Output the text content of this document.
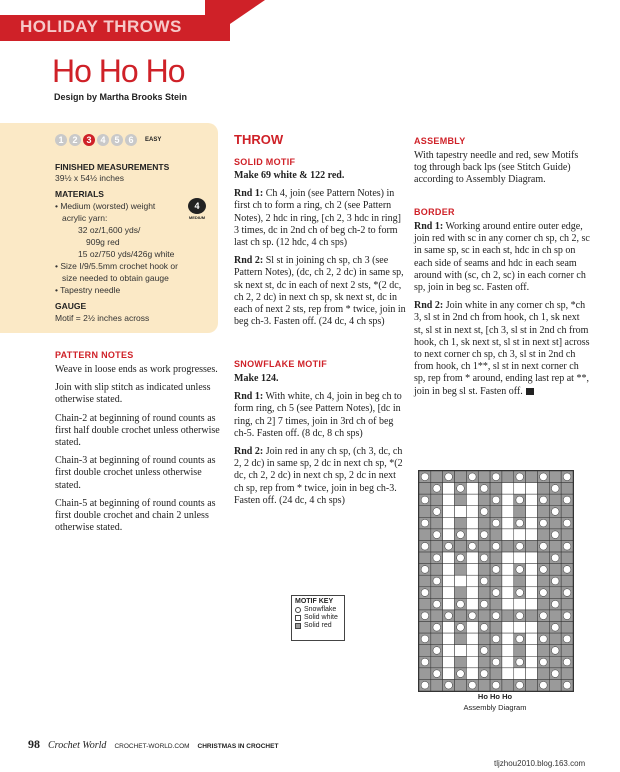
HOLIDAY THROWS
Ho Ho Ho
Design by Martha Brooks Stein
1 2 3 4 5 6	EASY
FINISHED MEASUREMENTS
39½ x 54½ inches
MATERIALS
• Medium (worsted) weight
acrylic yarn:
32 oz/1,600 yds/
909g red
15 oz/750 yds/426g white
• Size I/9/5.5mm crochet hook or
size needed to obtain gauge
• Tapestry needle
4
MEDIUM
GAUGE
Motif = 2½ inches across
PATTERN NOTES

Weave in loose ends as work progresses.

Join with slip stitch as indicated unless otherwise stated.

Chain-2 at beginning of round counts as first half double crochet unless otherwise stated.

Chain-3 at beginning of round counts as first double crochet unless otherwise stated.

Chain-5 at beginning of round counts as first double crochet and chain 2 unless otherwise stated.

THROW
SOLID MOTIF

Make 69 white & 122 red.

Rnd 1: Ch 4, join (see Pattern Notes) in first ch to form a ring, ch 2 (see Pattern Notes), 2 hdc in ring, [ch 2, 3 hdc in ring] 3 times, dc in 2nd ch of beg ch-2 to form last ch sp. (12 hdc, 4 ch sps)

Rnd 2: Sl st in joining ch sp, ch 3 (see Pattern Notes), (dc, ch 2, 2 dc) in same sp, sk next st, dc in each of next 2 sts, *(2 dc, ch 2, 2 dc) in next ch sp, sk next st, dc in each of next 2 sts, rep from * twice, join in beg ch-3. Fasten off. (24 dc, 4 ch sps)

SNOWFLAKE MOTIF

Make 124.

Rnd 1: With white, ch 4, join in beg ch to form ring, ch 5 (see Pattern Notes), [dc in ring, ch 2] 7 times, join in 3rd ch of beg ch-5. Fasten off. (8 dc, 8 ch sps)

Rnd 2: Join red in any ch sp, (ch 3, dc, ch 2, 2 dc) in same sp, 2 dc in next ch sp, *(2 dc, ch 2, 2 dc) in next ch sp, 2 dc in next ch sp, rep from * twice, join in beg ch-3. Fasten off. (24 dc, 4 ch sps)

MOTIF KEY
Snowflake
Solid white
Solid red
ASSEMBLY
With tapestry needle and red, sew Motifs tog through back lps (see Stitch Guide) according to Assembly Diagram.
BORDER

Rnd 1: Working around entire outer edge, join red with sc in any corner ch sp, ch 2, sc in same sp, sc in each st, hdc in ch sp on each side of seams and hdc in each seam around with (sc, ch 2, sc) in each corner ch sp, join in beg sc. Fasten off.

Rnd 2: Join white in any corner ch sp, *ch 3, sl st in 2nd ch from hook, ch 1, sk next st, sl st in next st, [ch 3, sl st in 2nd ch from hook, ch 1, sk next st, sl st in next st] across to next corner ch sp, ch 3, sl st in 2nd ch from hook, ch 1**, sl st in next corner ch sp, rep from * around, ending last rep at **, join in beg sl st. Fasten off.

Ho Ho Ho
Assembly Diagram
98 Crochet World CROCHET-WORLD.COM CHRISTMAS IN CROCHET
tljzhou2010.blog.163.com
